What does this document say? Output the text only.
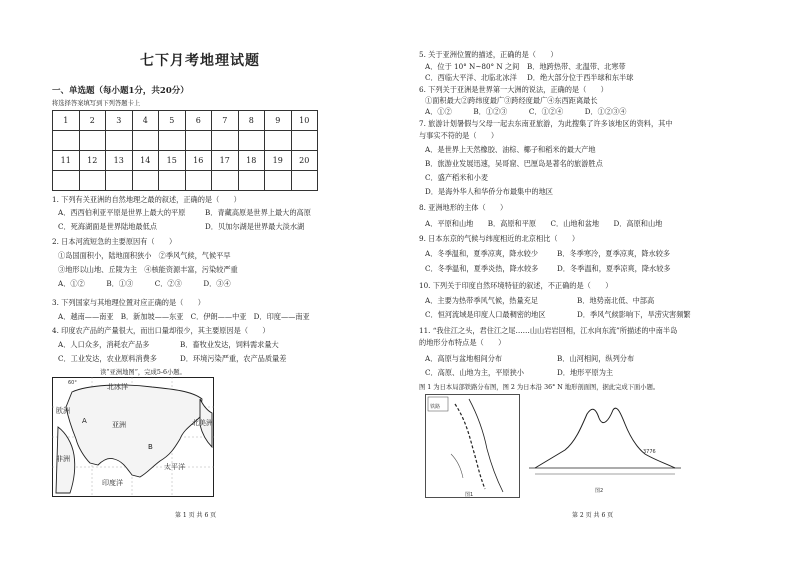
七下月考地理试题
一、单选题（每小题1分，共20分）
将选择答案填写到下列答题卡上
1	2	3	4	5	6	7	8	9	10

11	12	13	14	15	16	17	18	19	20

1. 下列有关亚洲的自然地理之最的叙述，正确的是（　　）
A．西西伯利亚平原是世界上最大的平原	B．青藏高原是世界上最大的高原
C．死海湖面是世界陆地最低点	D．贝加尔湖是世界最大淡水湖
2. 日本河流短急的主要原因有（　　）
①岛国面积小，陆地面积狭小　②季风气候，气候平早
③地形以山地、丘陵为主　④核能资源丰富，污染较严重
A．①②　　　B．①③　　　C．②③　　　D．③④
3. 下列国家与其地理位置对应正确的是（　　）
A．越南——南亚　B．新加坡——东亚　C．伊朗——中亚　D．印度——南亚
4. 印度农产品的产量很大，而出口量却很少，其主要原因是（　　）
A．人口众多，消耗农产品多	B．畜牧业发达，饲料需求量大
C．工业发达，农业原料消费多	D．环境污染严重，农产品质量差
读“亚洲地图”，完成5-6小题。
亚洲
北冰洋
欧洲
非洲
太平洋
北美洲
印度洋
60°
A
B
第 1 页 共 6 页
5. 关于亚洲位置的描述，正确的是（　　）
A．位于 10° N~80° N 之间 B．地跨热带、北温带、北寒带
C．西临大平洋、北临北冰洋 D．绝大部分位于西半球和东半球
6. 下列关于亚洲是世界第一大洲的说法，正确的是（　　）
①面积最大②跨纬度最广③跨经度最广④东西距离最长
A．①②　　　B．①②③　　　C．①②④　　　D．①②③④
7. 旅游计划暑假与父母一起去东南亚旅游，为此搜集了许多该地区的资料，其中
与事实不符的是（　　）
A．是世界上天然橡胶、油棕、椰子和稻米的最大产地
B．旅游业发展迅速，吴哥窟、巴厘岛是著名的旅游胜点
C．盛产稻米和小麦
D．是海外华人和华侨分布最集中的地区
8. 亚洲地形的主体（　　）
A．平原和山地　　B．高原和平原　　C．山地和盆地　　D．高原和山地
9. 日本东京的气候与纬度相近的北京相比（　　）
A．冬季温和，夏季凉爽，降水较少	B．冬季寒冷，夏季凉爽，降水较多
C．冬季温和，夏季炎热，降水较多	D．冬季温和，夏季凉爽，降水较多
10. 下列关于印度自然环境特征的叙述，不正确的是（　　）
A．主要为热带季风气候，热量充足	B．地势南北低、中部高
C．恒河流域是印度人口最稠密的地区	D．季风气候影响下，旱涝灾害频繁
11. “我住江之头，君住江之尾……山山岩岩回相，江水向东流”所描述的中南半岛
的地形分布特点是（　　）
A．高原与盆地相间分布	B．山河相间，纵列分布
C．高原、山地为主，平原狭小	D．地形平原为主
图 1 为日本局部铁路分布图，图 2 为日本沿 36° N 地形剖面图，据此完成下面小题。
铁路
图1
3776
图2
第 2 页 共 6 页
